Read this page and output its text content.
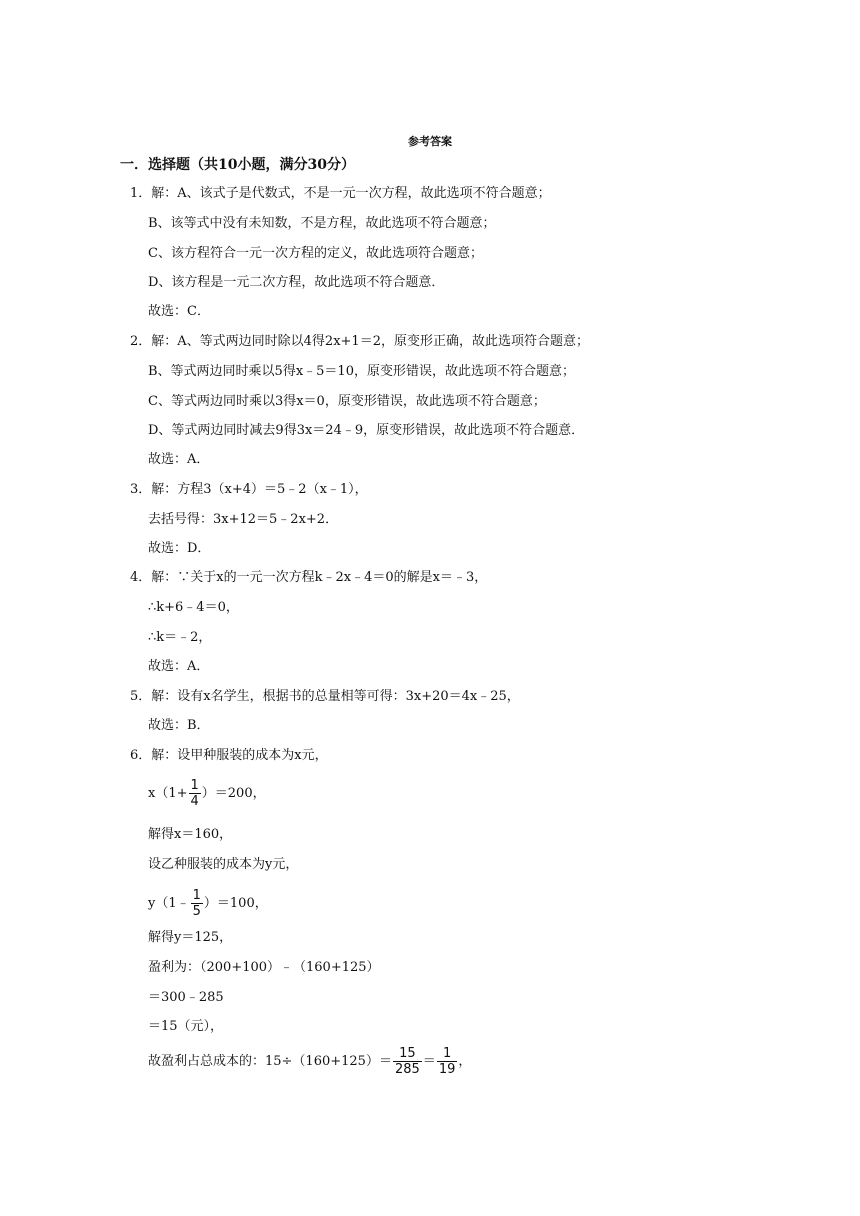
参考答案
一．选择题（共10小题，满分30分）
1．解：A、该式子是代数式，不是一元一次方程，故此选项不符合题意；
B、该等式中没有未知数，不是方程，故此选项不符合题意；
C、该方程符合一元一次方程的定义，故此选项符合题意；
D、该方程是一元二次方程，故此选项不符合题意．
故选：C．
2．解：A、等式两边同时除以4得2x+1＝2，原变形正确，故此选项符合题意；
B、等式两边同时乘以5得x﹣5＝10，原变形错误，故此选项不符合题意；
C、等式两边同时乘以3得x＝0，原变形错误，故此选项不符合题意；
D、等式两边同时减去9得3x＝24﹣9，原变形错误，故此选项不符合题意．
故选：A．
3．解：方程3（x+4）＝5﹣2（x﹣1），
去括号得：3x+12＝5﹣2x+2．
故选：D．
4．解：∵关于x的一元一次方程k﹣2x﹣4＝0的解是x＝﹣3，
∴k+6﹣4＝0，
∴k＝﹣2，
故选：A．
5．解：设有x名学生，根据书的总量相等可得：3x+20＝4x﹣25，
故选：B．
6．解：设甲种服装的成本为x元，
$x(1+ \frac{1}{4} )=200$，
解得x＝160，
设乙种服装的成本为y元，
y（1﹣ $\frac{1}{5} )=100$，
解得y＝125，
盈利为：（200+100）﹣（160+125）
＝300﹣285
＝15（元），
故盈利占总成本的：$15\div(160+125)= \frac{15}{285} = \frac{1}{19}$ ，
